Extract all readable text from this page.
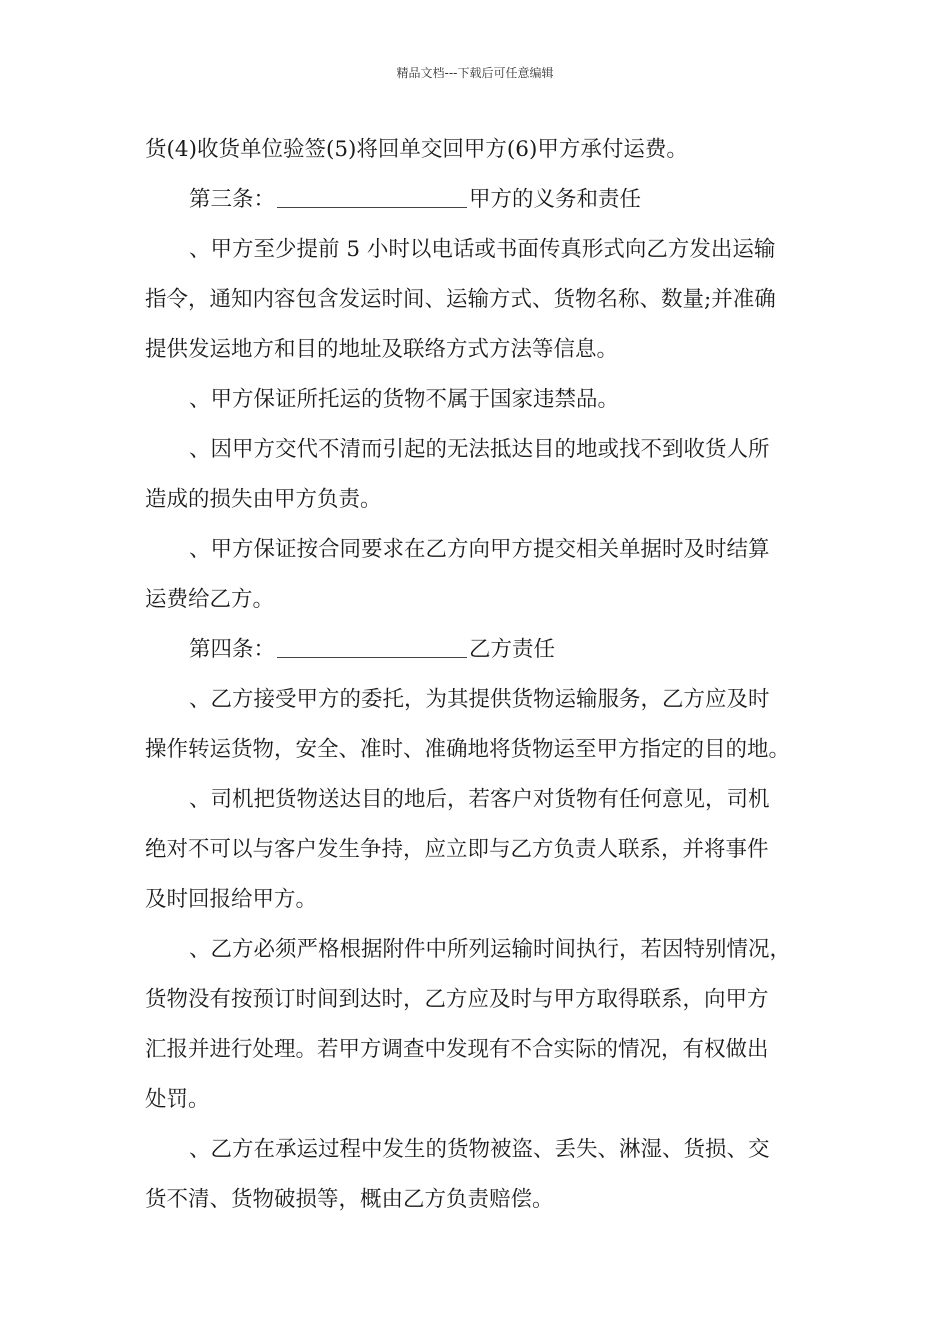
精品文档---下载后可任意编辑
货(4)收货单位验签(5)将回单交回甲方(6)甲方承付运费。
第三条：	甲方的义务和责任
、甲方至少提前 5 小时以电话或书面传真形式向乙方发出运输
指令，通知内容包含发运时间、运输方式、货物名称、数量;并准确
提供发运地方和目的地址及联络方式方法等信息。
、甲方保证所托运的货物不属于国家违禁品。
、因甲方交代不清而引起的无法抵达目的地或找不到收货人所
造成的损失由甲方负责。
、甲方保证按合同要求在乙方向甲方提交相关单据时及时结算
运费给乙方。
第四条：	乙方责任
、乙方接受甲方的委托，为其提供货物运输服务，乙方应及时
操作转运货物，安全、准时、准确地将货物运至甲方指定的目的地。
、司机把货物送达目的地后，若客户对货物有任何意见，司机
绝对不可以与客户发生争持，应立即与乙方负责人联系，并将事件
及时回报给甲方。
、乙方必须严格根据附件中所列运输时间执行，若因特别情况，
货物没有按预订时间到达时，乙方应及时与甲方取得联系，向甲方
汇报并进行处理。若甲方调查中发现有不合实际的情况，有权做出
处罚。
、乙方在承运过程中发生的货物被盗、丢失、淋湿、货损、交
货不清、货物破损等，概由乙方负责赔偿。
